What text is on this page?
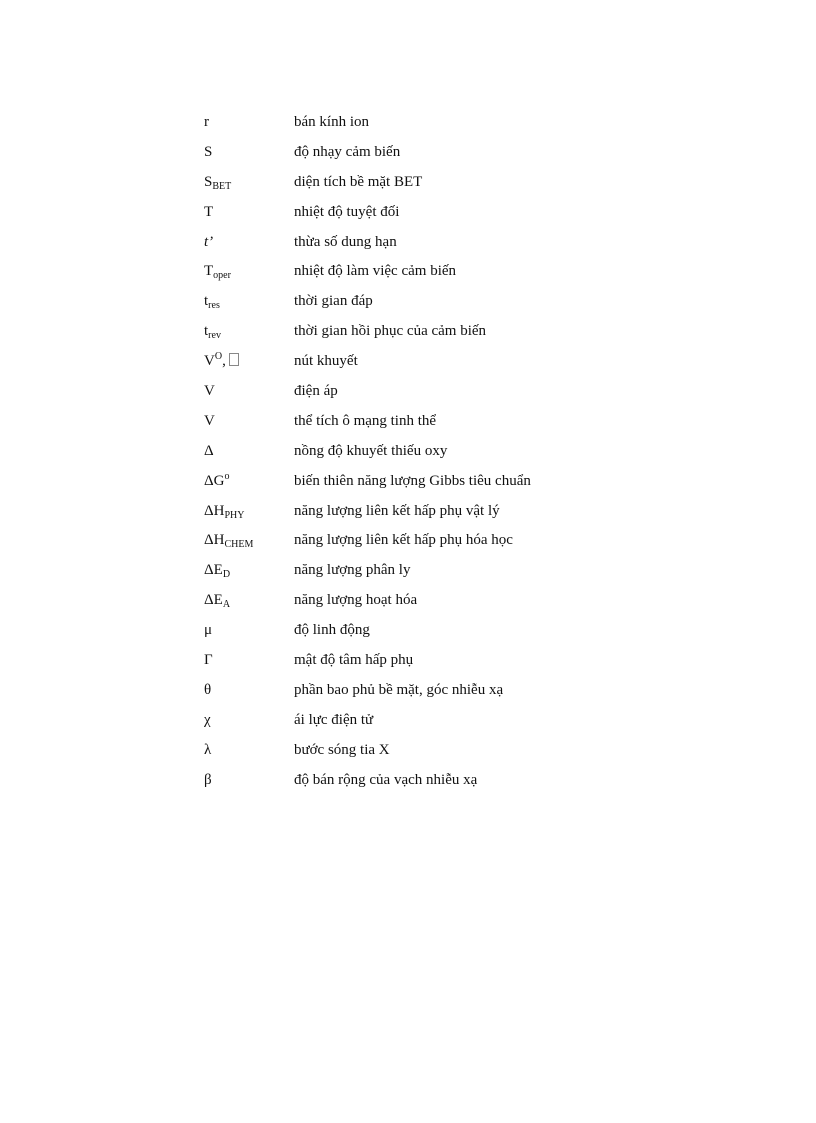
r	bán kính ion
S	độ nhạy cảm biến
$S_{BET}$	diện tích bề mặt BET
T	nhiệt độ tuyệt đối
t’	thừa số dung hạn
$T_{oper}$	nhiệt độ làm việc cảm biến
$t_{res}$	thời gian đáp
$t_{rev}$	thời gian hồi phục của cảm biến
$V^O$,	nút khuyết
V	điện áp
V	thể tích ô mạng tinh thể
Δ	nồng độ khuyết thiếu oxy
$\Delta G^o$	biến thiên năng lượng Gibbs tiêu chuẩn
$\Delta H_{PHY}$	năng lượng liên kết hấp phụ vật lý
$\Delta H_{CHEM}$	năng lượng liên kết hấp phụ hóa học
$\Delta E_D$	năng lượng phân ly
$\Delta E_A$	năng lượng hoạt hóa
μ	độ linh động
Γ	mật độ tâm hấp phụ
θ	phần bao phủ bề mặt, góc nhiễu xạ
χ	ái lực điện tử
λ	bước sóng tia X
β	độ bán rộng của vạch nhiễu xạ
